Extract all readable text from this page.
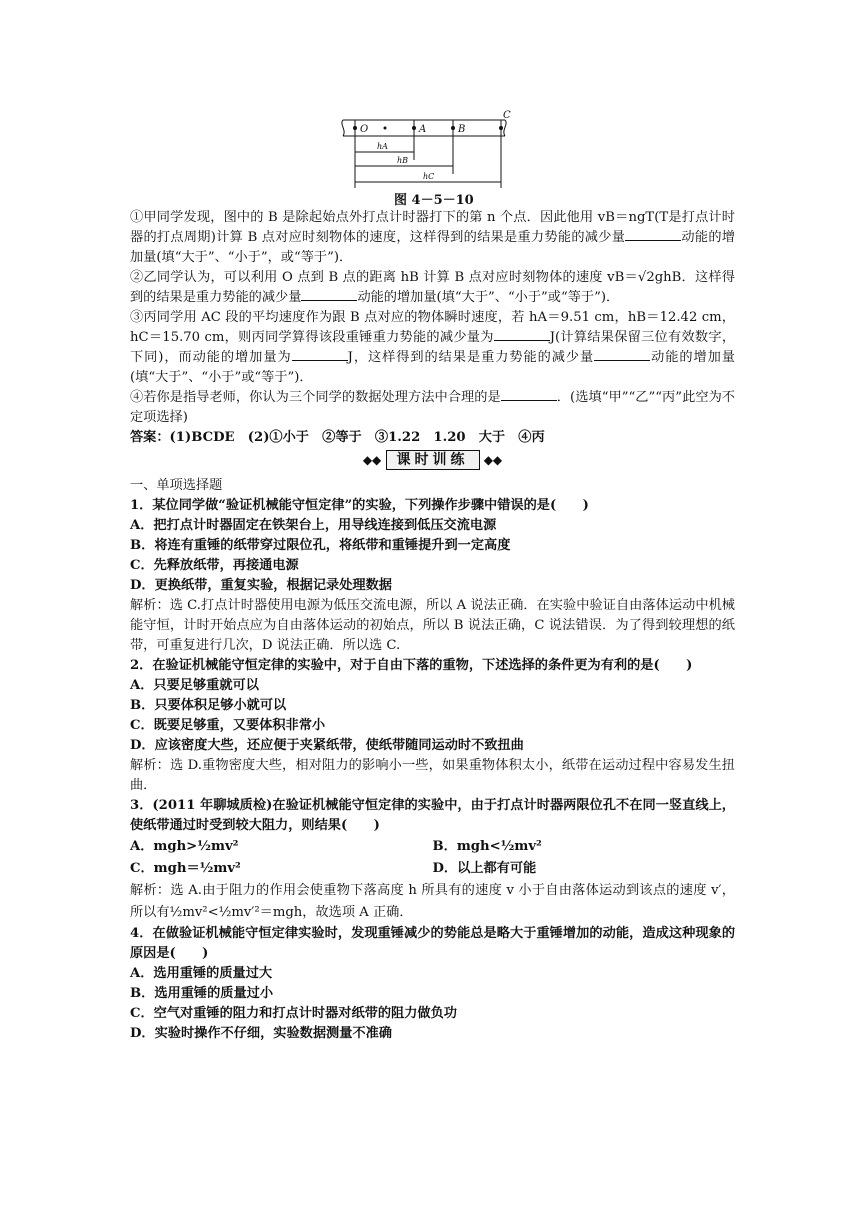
O	A	B
C
hA
hB
hC
图 4－5－10

①甲同学发现，图中的 B 是除起始点外打点计时器打下的第 n 个点．因此他用 vB＝ngT(T是打点计时器的打点周期)计算 B 点对应时刻物体的速度，这样得到的结果是重力势能的减少量	动能的增加量(填“大于”、“小于”，或“等于”)．

②乙同学认为，可以利用 O 点到 B 点的距离 hB 计算 B 点对应时刻物体的速度 vB＝√2ghB．这样得到的结果是重力势能的减少量	动能的增加量(填“大于”、“小于”或“等于”)．

③丙同学用 AC 段的平均速度作为跟 B 点对应的物体瞬时速度，若 hA＝9.51 cm，hB＝12.42 cm，hC＝15.70 cm，则丙同学算得该段重锤重力势能的减少量为	J(计算结果保留三位有效数字，下同)，而动能的增加量为	J，这样得到的结果是重力势能的减少量	动能的增加量(填“大于”、“小于”或“等于”)．

④若你是指导老师，你认为三个同学的数据处理方法中合理的是	．(选填“甲”“乙”“丙”此空为不定项选择)

答案：(1)BCDE　(2)①小于　②等于　③1.22　1.20　大于　④丙

◆◆ 课时训练 ◆◆

一、单项选择题

1．某位同学做“验证机械能守恒定律”的实验，下列操作步骤中错误的是(　　)

A．把打点计时器固定在铁架台上，用导线连接到低压交流电源

B．将连有重锤的纸带穿过限位孔，将纸带和重锤提升到一定高度

C．先释放纸带，再接通电源

D．更换纸带，重复实验，根据记录处理数据

解析：选 C.打点计时器使用电源为低压交流电源，所以 A 说法正确．在实验中验证自由落体运动中机械能守恒，计时开始点应为自由落体运动的初始点，所以 B 说法正确，C 说法错误．为了得到较理想的纸带，可重复进行几次，D 说法正确．所以选 C.

2．在验证机械能守恒定律的实验中，对于自由下落的重物，下述选择的条件更为有利的是(　　)

A．只要足够重就可以

B．只要体积足够小就可以

C．既要足够重，又要体积非常小

D．应该密度大些，还应便于夹紧纸带，使纸带随同运动时不致扭曲

解析：选 D.重物密度大些，相对阻力的影响小一些，如果重物体积太小，纸带在运动过程中容易发生扭曲．

3．(2011 年聊城质检)在验证机械能守恒定律的实验中，由于打点计时器两限位孔不在同一竖直线上，使纸带通过时受到较大阻力，则结果(　　)

A．mgh>½mv²	B．mgh<½mv²
C．mgh＝½mv²	D．以上都有可能

解析：选 A.由于阻力的作用会使重物下落高度 h 所具有的速度 v 小于自由落体运动到该点的速度 v′，所以有½mv²<½mv′²＝mgh，故选项 A 正确．

4．在做验证机械能守恒定律实验时，发现重锤减少的势能总是略大于重锤增加的动能，造成这种现象的原因是(　　)

A．选用重锤的质量过大

B．选用重锤的质量过小

C．空气对重锤的阻力和打点计时器对纸带的阻力做负功

D．实验时操作不仔细，实验数据测量不准确
